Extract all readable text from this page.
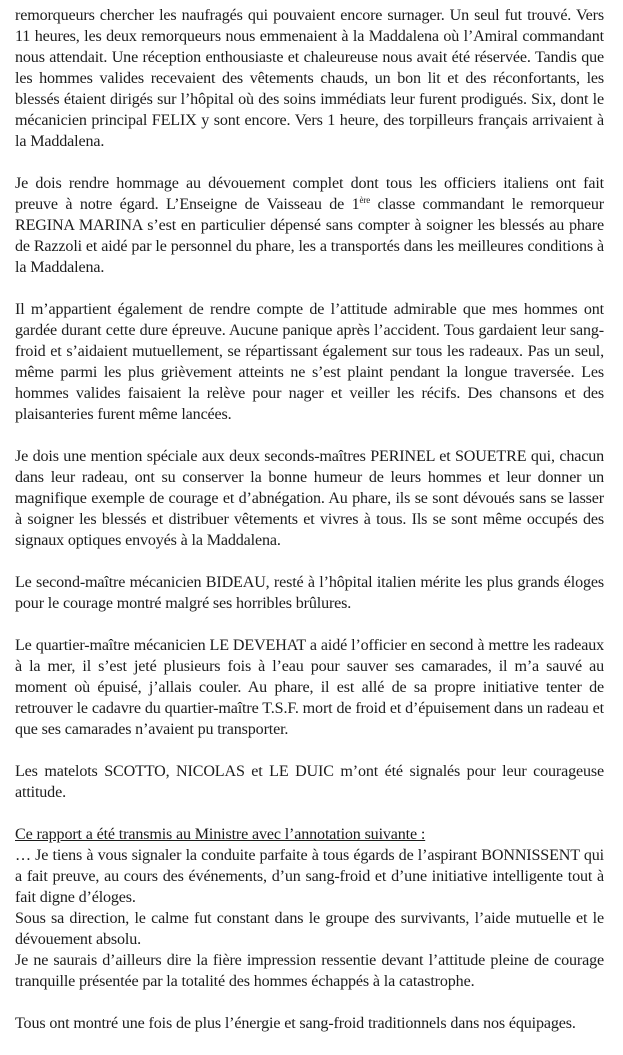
remorqueurs chercher les naufragés qui pouvaient encore surnager. Un seul fut trouvé. Vers 11 heures, les deux remorqueurs nous emmenaient à la Maddalena où l’Amiral commandant nous attendait. Une réception enthousiaste et chaleureuse nous avait été réservée. Tandis que les hommes valides recevaient des vêtements chauds, un bon lit et des réconfortants, les blessés étaient dirigés sur l’hôpital où des soins immédiats leur furent prodigués. Six, dont le mécanicien principal FELIX y sont encore. Vers 1 heure, des torpilleurs français arrivaient à la Maddalena.

Je dois rendre hommage au dévouement complet dont tous les officiers italiens ont fait preuve à notre égard. L’Enseigne de Vaisseau de 1ère classe commandant le remorqueur REGINA MARINA s’est en particulier dépensé sans compter à soigner les blessés au phare de Razzoli et aidé par le personnel du phare, les a transportés dans les meilleures conditions à la Maddalena.

Il m’appartient également de rendre compte de l’attitude admirable que mes hommes ont gardée durant cette dure épreuve. Aucune panique après l’accident. Tous gardaient leur sang-froid et s’aidaient mutuellement, se répartissant également sur tous les radeaux. Pas un seul, même parmi les plus grièvement atteints ne s’est plaint pendant la longue traversée. Les hommes valides faisaient la relève pour nager et veiller les récifs. Des chansons et des plaisanteries furent même lancées.

Je dois une mention spéciale aux deux seconds-maîtres PERINEL et SOUETRE qui, chacun dans leur radeau, ont su conserver la bonne humeur de leurs hommes et leur donner un magnifique exemple de courage et d’abnégation. Au phare, ils se sont dévoués sans se lasser à soigner les blessés et distribuer vêtements et vivres à tous. Ils se sont même occupés des signaux optiques envoyés à la Maddalena.

Le second-maître mécanicien BIDEAU, resté à l’hôpital italien mérite les plus grands éloges pour le courage montré malgré ses horribles brûlures.

Le quartier-maître mécanicien LE DEVEHAT a aidé l’officier en second à mettre les radeaux à la mer, il s’est jeté plusieurs fois à l’eau pour sauver ses camarades, il m’a sauvé au moment où épuisé, j’allais couler. Au phare, il est allé de sa propre initiative tenter de retrouver le cadavre du quartier-maître T.S.F. mort de froid et d’épuisement dans un radeau et que ses camarades n’avaient pu transporter.

Les matelots SCOTTO, NICOLAS et LE DUIC m’ont été signalés pour leur courageuse attitude.

Ce rapport a été transmis au Ministre avec l’annotation suivante :
… Je tiens à vous signaler la conduite parfaite à tous égards de l’aspirant BONNISSENT qui a fait preuve, au cours des événements, d’un sang-froid et d’une initiative intelligente tout à fait digne d’éloges.
Sous sa direction, le calme fut constant dans le groupe des survivants, l’aide mutuelle et le dévouement absolu.
Je ne saurais d’ailleurs dire la fière impression ressentie devant l’attitude pleine de courage tranquille présentée par la totalité des hommes échappés à la catastrophe.

Tous ont montré une fois de plus l’énergie et sang-froid traditionnels dans nos équipages.
